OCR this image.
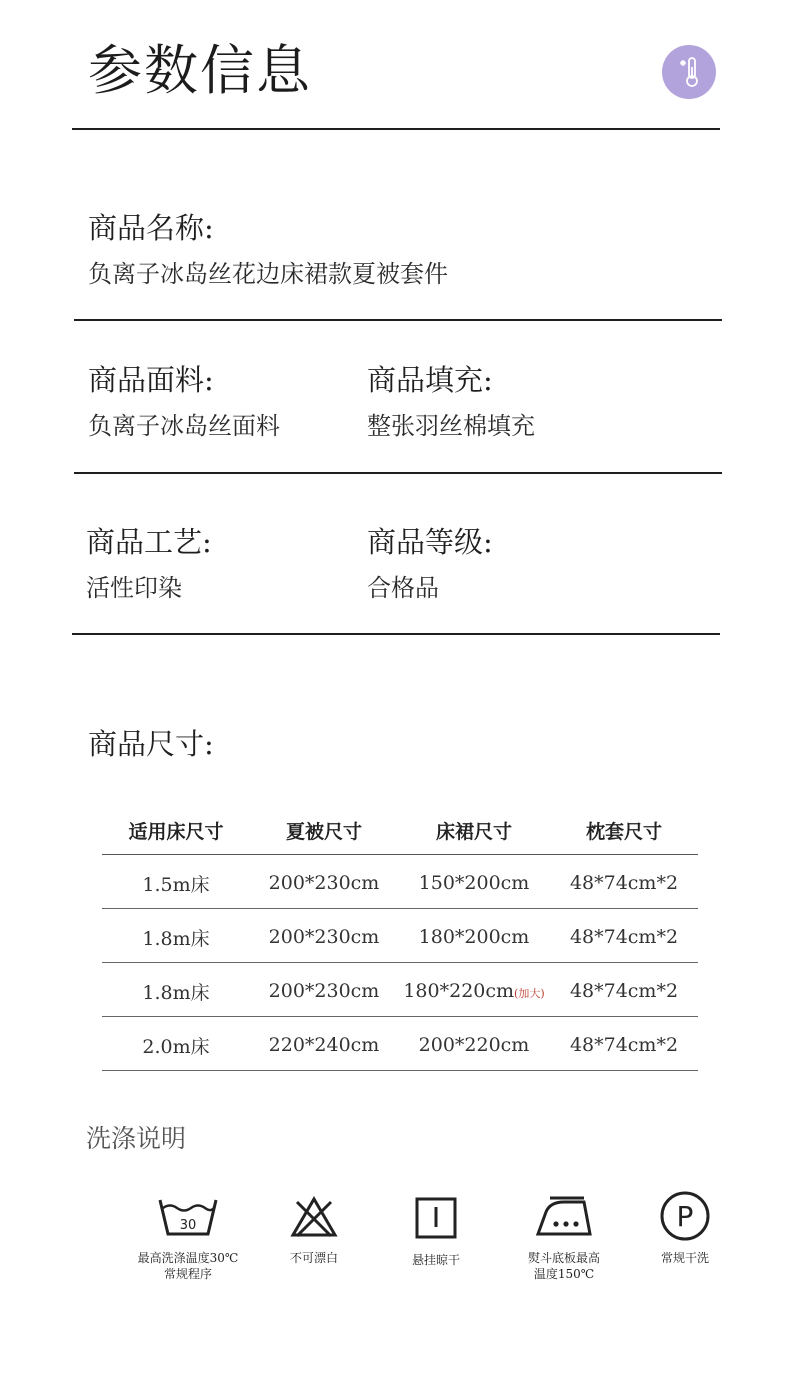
参数信息
商品名称:
负离子冰岛丝花边床裙款夏被套件
商品面料:
负离子冰岛丝面料
商品填充:
整张羽丝棉填充
商品工艺:
活性印染
商品等级:
合格品
商品尺寸:
适用床尺寸	夏被尺寸	床裙尺寸	枕套尺寸
1.5m床	200*230cm	150*200cm	48*74cm*2
1.8m床	200*230cm	180*200cm	48*74cm*2
1.8m床	200*230cm	180*220cm(加大)	48*74cm*2
2.0m床	220*240cm	200*220cm	48*74cm*2
洗涤说明
30
最高洗涤温度30℃
常规程序
不可漂白	悬挂晾干	熨斗底板最高
温度150℃
P
常规干洗
